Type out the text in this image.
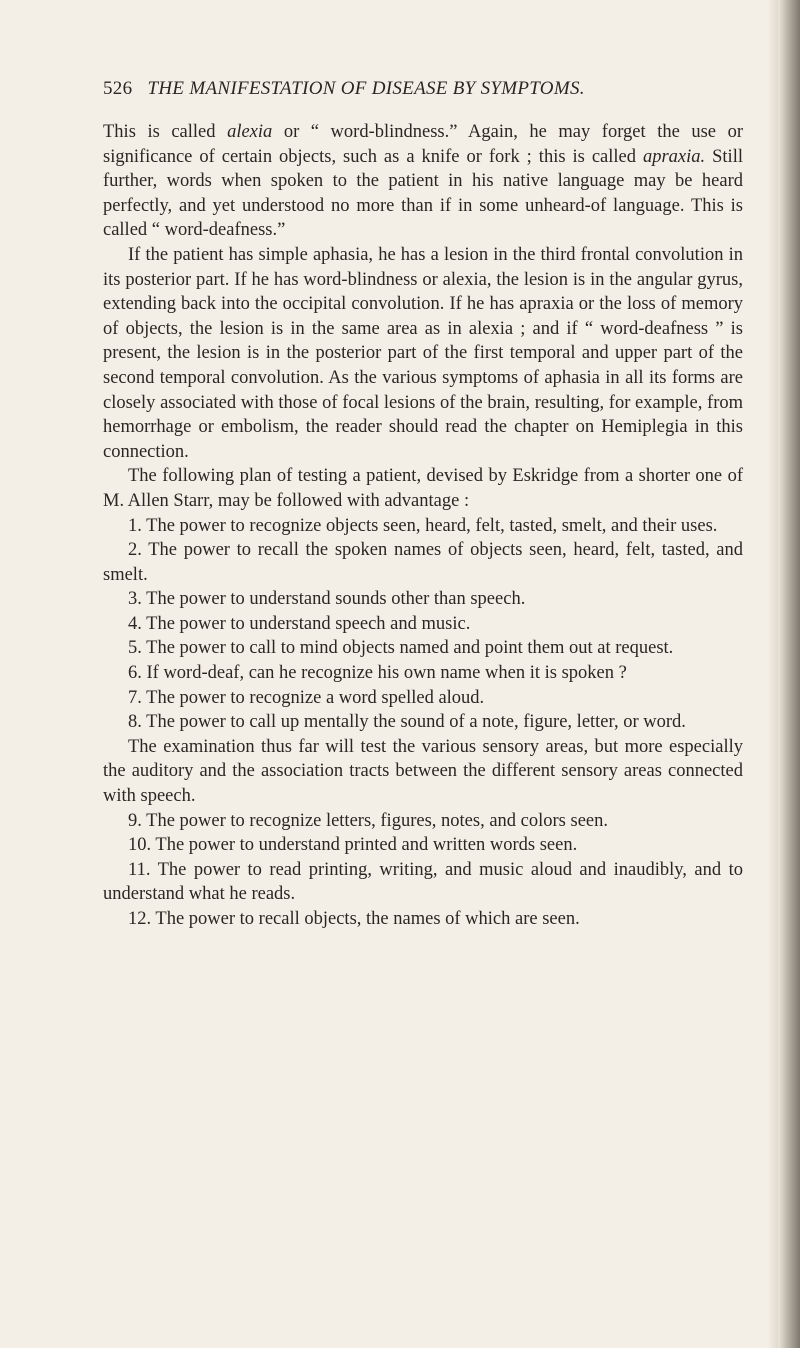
526 THE MANIFESTATION OF DISEASE BY SYMPTOMS.

This is called alexia or “ word-blindness.” Again, he may forget the use or significance of certain objects, such as a knife or fork ; this is called apraxia. Still further, words when spoken to the patient in his native language may be heard perfectly, and yet understood no more than if in some unheard-of language. This is called “ word-deafness.”

If the patient has simple aphasia, he has a lesion in the third frontal convolution in its posterior part. If he has word-blindness or alexia, the lesion is in the angular gyrus, extending back into the occipital convolution. If he has apraxia or the loss of memory of objects, the lesion is in the same area as in alexia ; and if “ word-deafness ” is present, the lesion is in the posterior part of the first temporal and upper part of the second temporal convolution. As the various symptoms of aphasia in all its forms are closely associated with those of focal lesions of the brain, resulting, for example, from hemorrhage or embolism, the reader should read the chapter on Hemiplegia in this connection.

The following plan of testing a patient, devised by Eskridge from a shorter one of M. Allen Starr, may be followed with advantage :

1. The power to recognize objects seen, heard, felt, tasted, smelt, and their uses.

2. The power to recall the spoken names of objects seen, heard, felt, tasted, and smelt.

3. The power to understand sounds other than speech.

4. The power to understand speech and music.

5. The power to call to mind objects named and point them out at request.

6. If word-deaf, can he recognize his own name when it is spoken ?

7. The power to recognize a word spelled aloud.

8. The power to call up mentally the sound of a note, figure, letter, or word.

The examination thus far will test the various sensory areas, but more especially the auditory and the association tracts between the different sensory areas connected with speech.

9. The power to recognize letters, figures, notes, and colors seen.

10. The power to understand printed and written words seen.

11. The power to read printing, writing, and music aloud and inaudibly, and to understand what he reads.

12. The power to recall objects, the names of which are seen.
